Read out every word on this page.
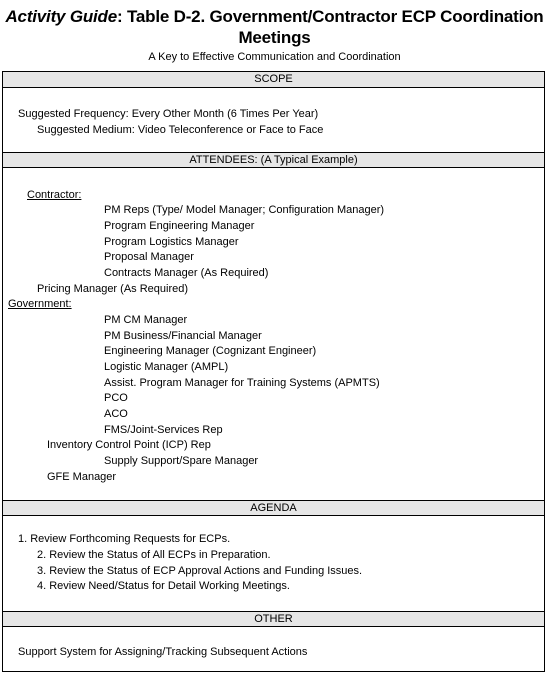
Activity Guide: Table D-2. Government/Contractor ECP Coordination
Meetings
A Key to Effective Communication and Coordination
SCOPE
Suggested Frequency: Every Other Month (6 Times Per Year)
Suggested Medium: Video Teleconference or Face to Face
ATTENDEES: (A Typical Example)
Contractor:
PM Reps (Type/ Model Manager; Configuration Manager)
Program Engineering Manager
Program Logistics Manager
Proposal Manager
Contracts Manager (As Required)
Pricing Manager (As Required)
Government:
PM CM Manager
PM Business/Financial Manager
Engineering Manager (Cognizant Engineer)
Logistic Manager (AMPL)
Assist. Program Manager for Training Systems (APMTS)
PCO
ACO
FMS/Joint-Services Rep
Inventory Control Point (ICP) Rep
Supply Support/Spare Manager
GFE Manager
AGENDA
1. Review Forthcoming Requests for ECPs.
2. Review the Status of All ECPs in Preparation.
3. Review the Status of ECP Approval Actions and Funding Issues.
4. Review Need/Status for Detail Working Meetings.
OTHER
Support System for Assigning/Tracking Subsequent Actions
